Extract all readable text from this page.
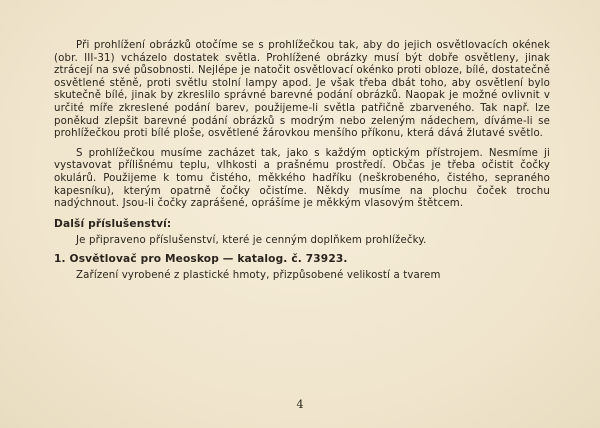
Při prohlížení obrázků otočíme se s prohlížečkou tak, aby do jejich osvětlovacích okének (obr. III-31) vcházelo dostatek světla. Prohlížené obrázky musí být dobře osvětleny, jinak ztrácejí na své působnosti. Nejlépe je natočit osvětlovací okénko proti obloze, bílé, dostatečně osvětlené stěně, proti světlu stolní lampy apod. Je však třeba dbát toho, aby osvětlení bylo skutečně bílé, jinak by zkreslilo správné barevné podání obrázků. Naopak je možné ovlivnit v určité míře zkreslené podání barev, použijeme-li světla patřičně zbarveného. Tak např. lze poněkud zlepšit barevné podání obrázků s modrým nebo zeleným nádechem, díváme-li se prohlížečkou proti bílé ploše, osvětlené žárovkou menšího příkonu, která dává žlutavé světlo.

S prohlížečkou musíme zacházet tak, jako s každým optickým přístrojem. Nesmíme ji vystavovat přílišnému teplu, vlhkosti a prašnému prostředí. Občas je třeba očistit čočky okulárů. Použijeme k tomu čistého, měkkého hadříku (neškrobeného, čistého, sepraného kapesníku), kterým opatrně čočky očistíme. Někdy musíme na plochu čoček trochu nadýchnout. Jsou-li čočky zaprášené, oprášíme je měkkým vlasovým štětcem.

Další příslušenství:

Je připraveno příslušenství, které je cenným doplňkem prohlížečky.

1. Osvětlovač pro Meoskop — katalog. č. 73923.

Zařízení vyrobené z plastické hmoty, přizpůsobené velikostí a tvarem

4
